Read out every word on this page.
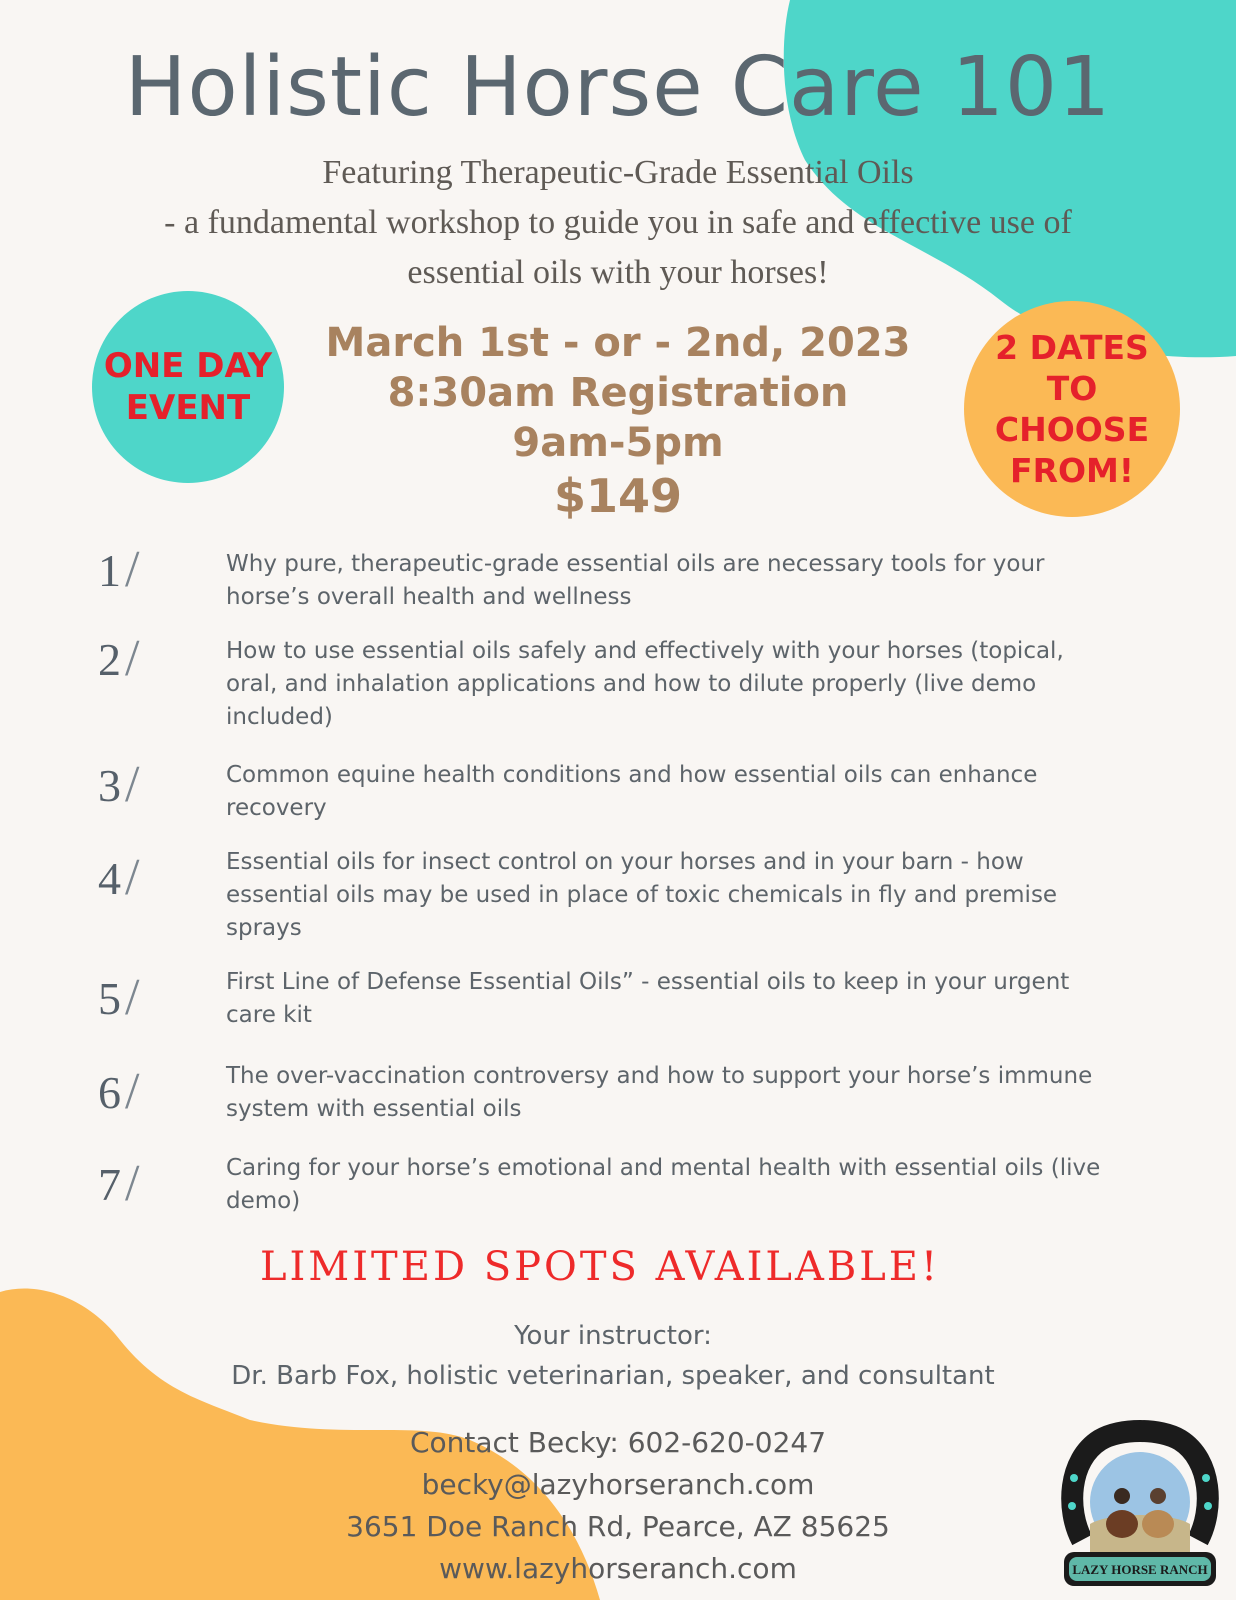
Holistic Horse Care 101
Featuring Therapeutic-Grade Essential Oils
- a fundamental workshop to guide you in safe and effective use of
essential oils with your horses!
ONE DAY
EVENT
March 1st - or - 2nd, 2023
8:30am Registration
9am-5pm
$149
2 DATES
TO
CHOOSE
FROM!
1/	Why pure, therapeutic-grade essential oils are necessary tools for your horse’s overall health and wellness
2/	How to use essential oils safely and effectively with your horses (topical, oral, and inhalation applications and how to dilute properly (live demo included)
3/	Common equine health conditions and how essential oils can enhance recovery
4/	Essential oils for insect control on your horses and in your barn - how essential oils may be used in place of toxic chemicals in fly and premise sprays
5/	First Line of Defense Essential Oils” - essential oils to keep in your urgent care kit
6/	The over-vaccination controversy and how to support your horse’s immune system with essential oils
7/	Caring for your horse’s emotional and mental health with essential oils (live demo)
LIMITED SPOTS AVAILABLE!
Your instructor:
Dr. Barb Fox, holistic veterinarian, speaker, and consultant
Contact Becky: 602-620-0247
becky@lazyhorseranch.com
3651 Doe Ranch Rd, Pearce, AZ 85625
www.lazyhorseranch.com	LAZY HORSE RANCH
